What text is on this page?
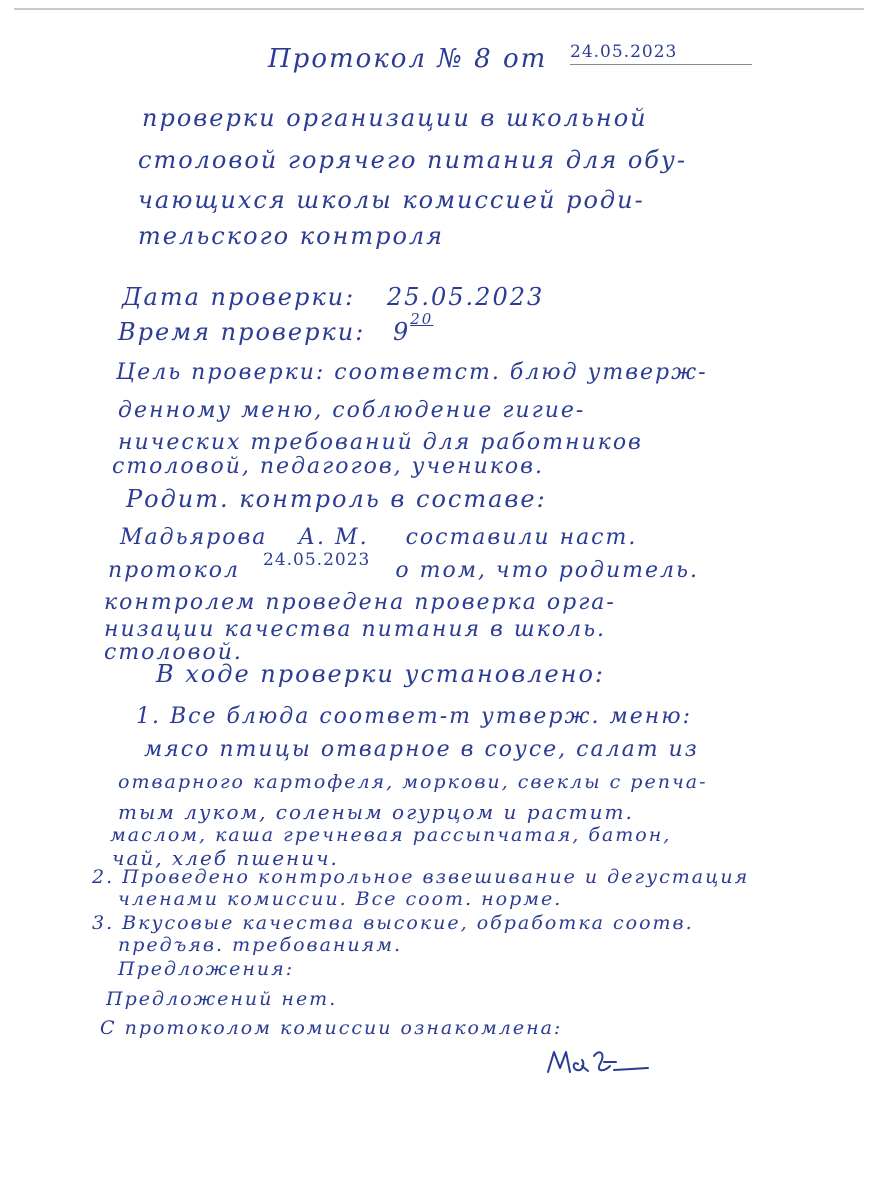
Протокол № 8 от 24.05.2023
проверки организации в школьной
столовой горячего питания для обу-
чающихся школы комиссией роди-
тельского контроля
Дата проверки: 25.05.2023
Время проверки: $9^{20}$
Цель проверки: соответст. блюд утверж-
денному меню, соблюдение гигие-
нических требований для работников
столовой, педагогов, учеников.
Родит. контроль в составе:
Мадьярова А. М. составили наст.
протокол $^{24.05.2023}$ о том, что родитель.
контролем проведена проверка орга-
низации качества питания в школь.
столовой.
В ходе проверки установлено:
1. Все блюда соответ-т утверж. меню:
мясо птицы отварное в соусе, салат из
отварного картофеля, моркови, свеклы с репча-
тым луком, соленым огурцом и растит.
маслом, каша гречневая рассыпчатая, батон,
чай, хлеб пшенич.
2. Проведено контрольное взвешивание и дегустация
членами комиссии. Все соот. норме.
3. Вкусовые качества высокие, обработка соотв.
предъяв. требованиям.
Предложения:
Предложений нет.
С протоколом комиссии ознакомлена:
